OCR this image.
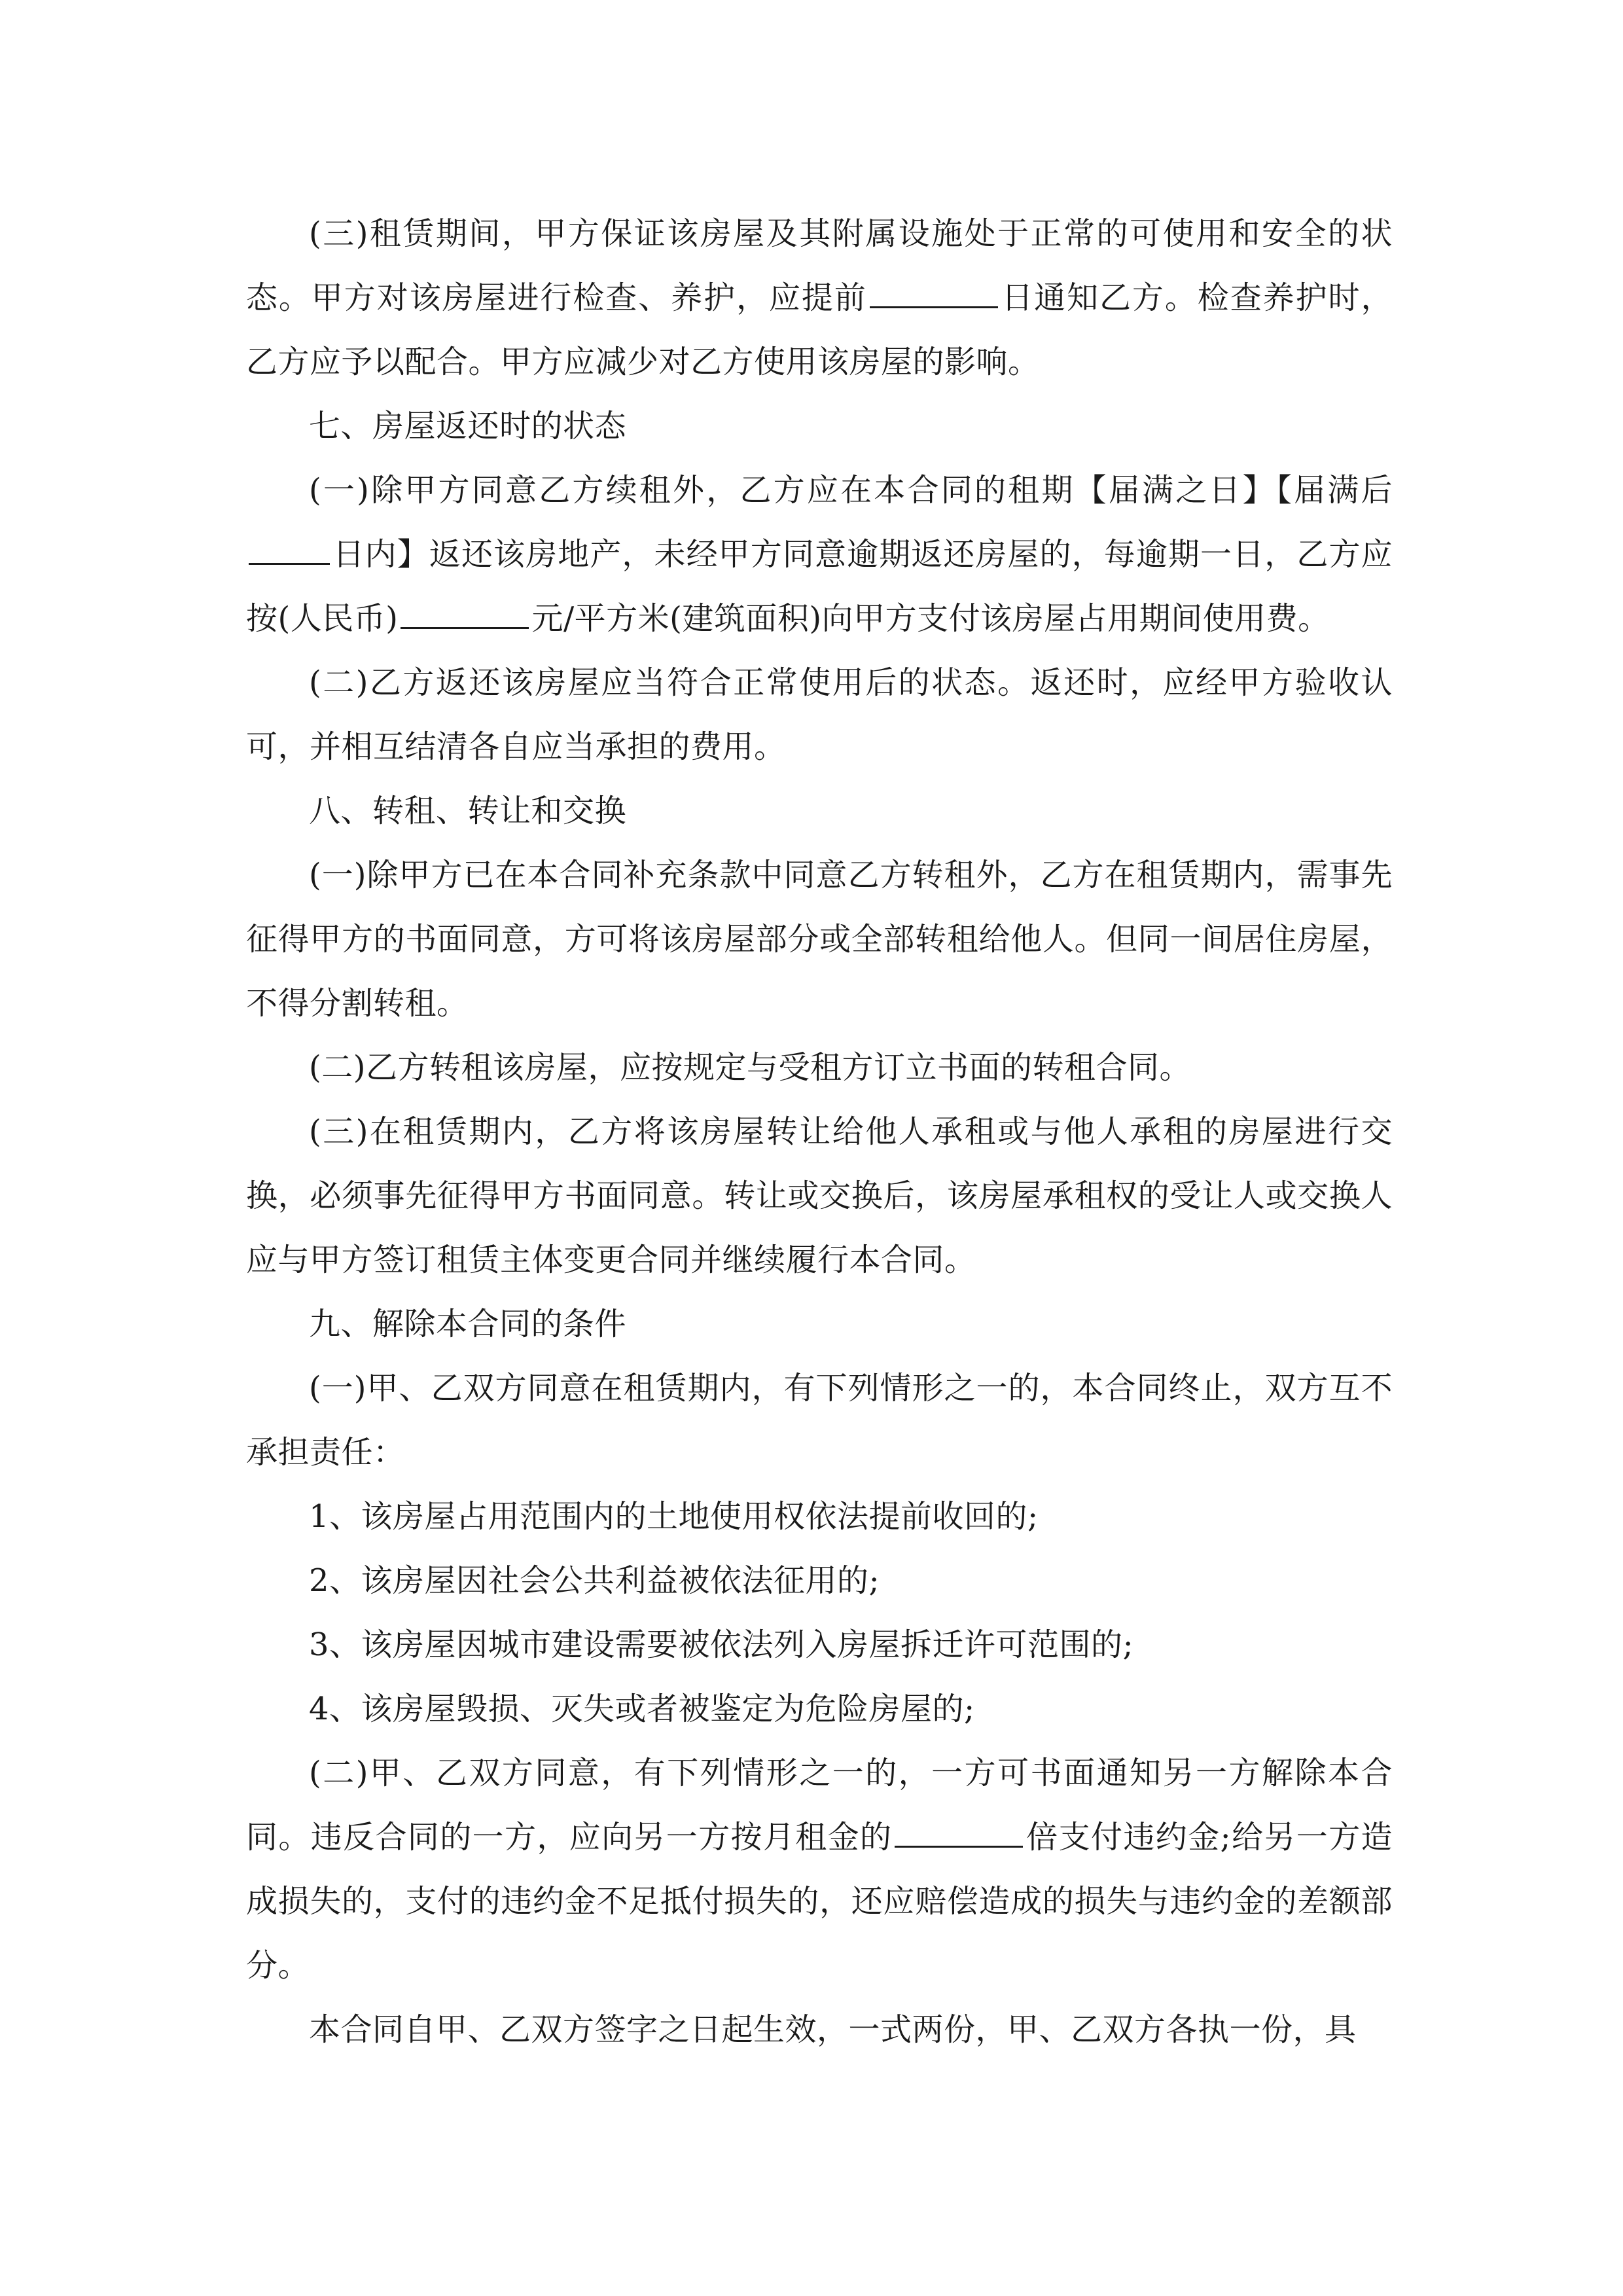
(三)租赁期间，甲方保证该房屋及其附属设施处于正常的可使用和安全的状态。甲方对该房屋进行检查、养护，应提前	日通知乙方。检查养护时，乙方应予以配合。甲方应减少对乙方使用该房屋的影响。

七、房屋返还时的状态

(一)除甲方同意乙方续租外，乙方应在本合同的租期【届满之日】【届满后日内】返还该房地产，未经甲方同意逾期返还房屋的，每逾期一日，乙方应按(人民币)	元/平方米(建筑面积)向甲方支付该房屋占用期间使用费。

(二)乙方返还该房屋应当符合正常使用后的状态。返还时，应经甲方验收认可，并相互结清各自应当承担的费用。

八、转租、转让和交换

(一)除甲方已在本合同补充条款中同意乙方转租外，乙方在租赁期内，需事先征得甲方的书面同意，方可将该房屋部分或全部转租给他人。但同一间居住房屋，不得分割转租。

(二)乙方转租该房屋，应按规定与受租方订立书面的转租合同。

(三)在租赁期内，乙方将该房屋转让给他人承租或与他人承租的房屋进行交换，必须事先征得甲方书面同意。转让或交换后，该房屋承租权的受让人或交换人应与甲方签订租赁主体变更合同并继续履行本合同。

九、解除本合同的条件

(一)甲、乙双方同意在租赁期内，有下列情形之一的，本合同终止，双方互不承担责任：

1、该房屋占用范围内的土地使用权依法提前收回的;

2、该房屋因社会公共利益被依法征用的;

3、该房屋因城市建设需要被依法列入房屋拆迁许可范围的;

4、该房屋毁损、灭失或者被鉴定为危险房屋的;

(二)甲、乙双方同意，有下列情形之一的，一方可书面通知另一方解除本合同。违反合同的一方，应向另一方按月租金的	倍支付违约金;给另一方造成损失的，支付的违约金不足抵付损失的，还应赔偿造成的损失与违约金的差额部分。

本合同自甲、乙双方签字之日起生效，一式两份，甲、乙双方各执一份，具
